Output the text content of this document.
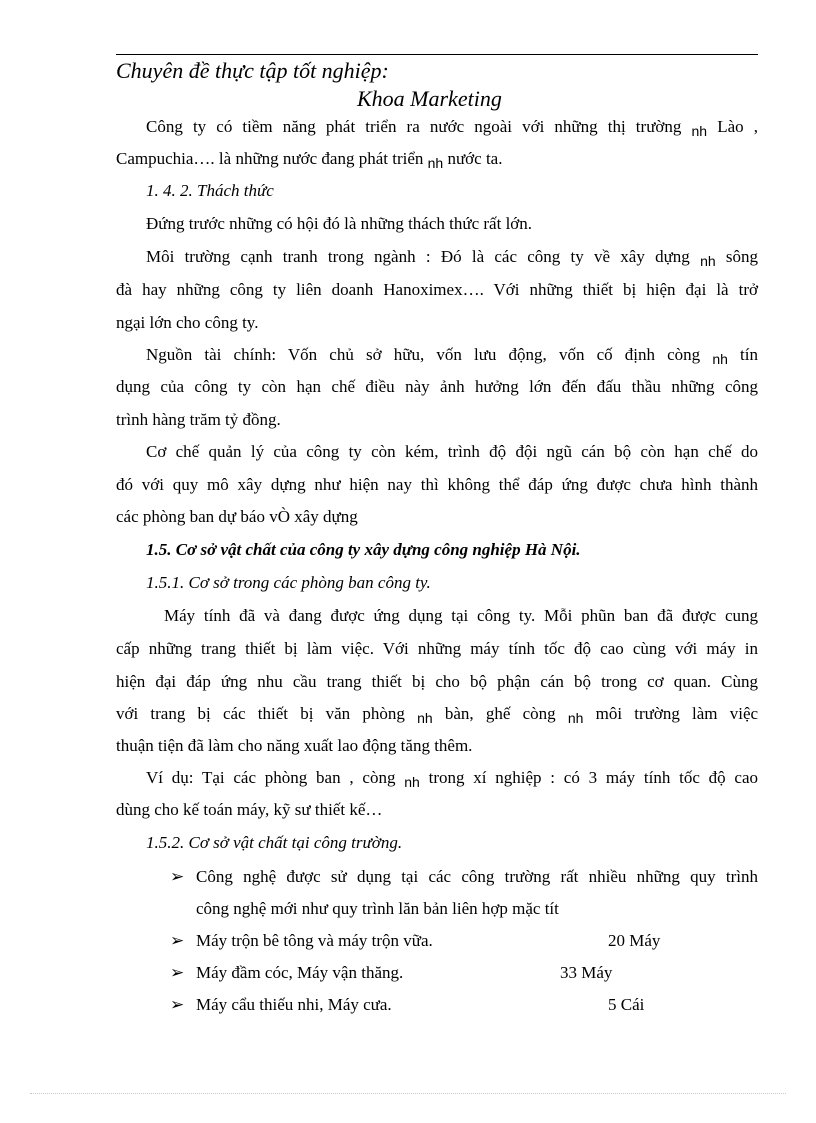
Chuyên đề thực tập tốt nghiệp:
Khoa Marketing
Công ty có tiềm năng phát triển ra nước ngoài với những thị trường $_{nh}$ Lào ,
Campuchia…. là những nước đang phát triển $_{nh}$ nước ta.
1. 4. 2. Thách thức
Đứng trước những có hội đó là những thách thức rất lớn.
Môi trường cạnh tranh trong ngành : Đó là các công ty về xây dựng $_{nh}$ sông
đà hay những công ty liên doanh Hanoximex…. Với những thiết bị hiện đại là trở
ngại lớn cho công ty.
Nguồn tài chính: Vốn chủ sở hữu, vốn lưu động, vốn cố định còng $_{nh}$ tín
dụng của công ty còn hạn chế điều này ảnh hưởng lớn đến đấu thầu những công
trình hàng trăm tỷ đồng.
Cơ chế quản lý của công ty còn kém, trình độ đội ngũ cán bộ còn hạn chế do
đó với quy mô xây dựng như hiện nay thì không thể đáp ứng được chưa hình thành
các phòng ban dự báo vÒ xây dựng
1.5. Cơ sở vật chất của công ty xây dựng công nghiệp Hà Nội.
1.5.1. Cơ sở trong các phòng ban công ty.
Máy tính đã và đang được ứng dụng tại công ty. Mỗi phũn ban đã được cung
cấp những trang thiết bị làm việc. Với những máy tính tốc độ cao cùng với máy in
hiện đại đáp ứng nhu cầu trang thiết bị cho bộ phận cán bộ trong cơ quan. Cùng
với trang bị các thiết bị văn phòng $_{nh}$ bàn, ghế còng $_{nh}$ môi trường làm việc
thuận tiện đã làm cho năng xuất lao động tăng thêm.
Ví dụ: Tại các phòng ban , còng $_{nh}$ trong xí nghiệp : có 3 máy tính tốc độ cao
dùng cho kế toán máy, kỹ sư thiết kế…
1.5.2. Cơ sở vật chất tại công trường.
➢ Công nghệ được sử dụng tại các công trường rất nhiều những quy trình
công nghệ mới như quy trình lăn bản liên hợp mặc tít
➢ Máy trộn bê tông và máy trộn vữa.	20 Máy
➢ Máy đầm cóc, Máy vận thăng.	33 Máy
➢ Máy cẩu thiếu nhi, Máy cưa.	5 Cái
